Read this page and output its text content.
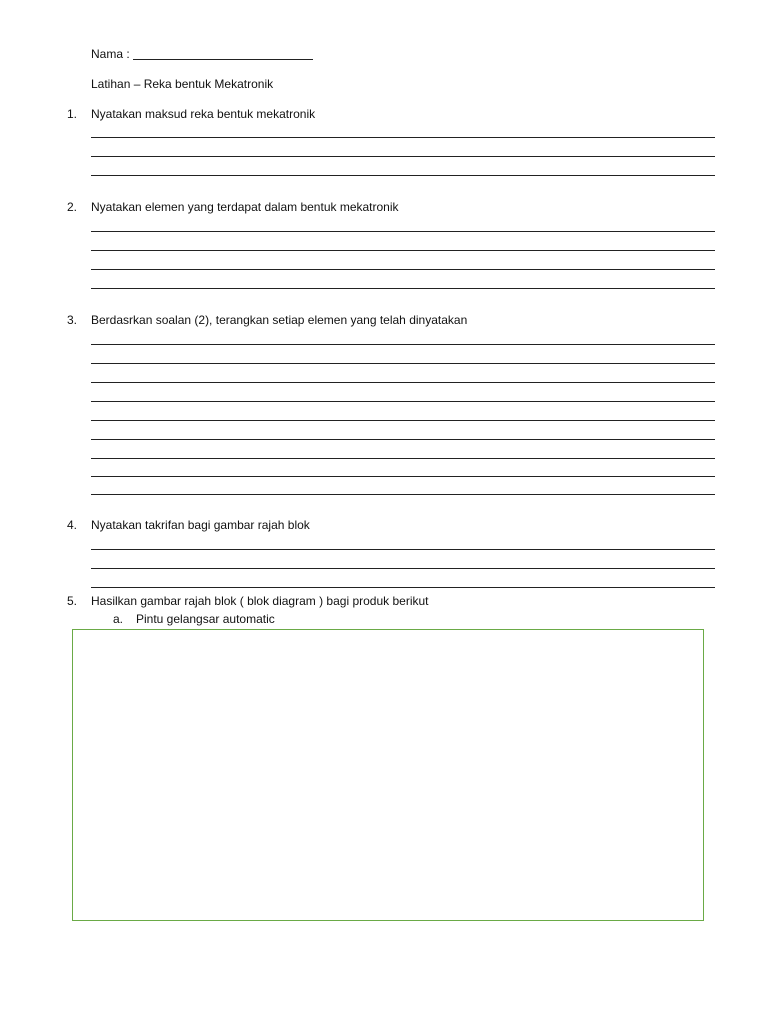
Nama :
Latihan – Reka bentuk Mekatronik
1.	Nyatakan maksud reka bentuk mekatronik
2.	Nyatakan elemen yang terdapat dalam bentuk mekatronik
3.	Berdasrkan soalan (2), terangkan setiap elemen yang telah dinyatakan
4.	Nyatakan takrifan bagi gambar rajah blok
5.	Hasilkan gambar rajah blok ( blok diagram ) bagi produk berikut
a. Pintu gelangsar automatic
